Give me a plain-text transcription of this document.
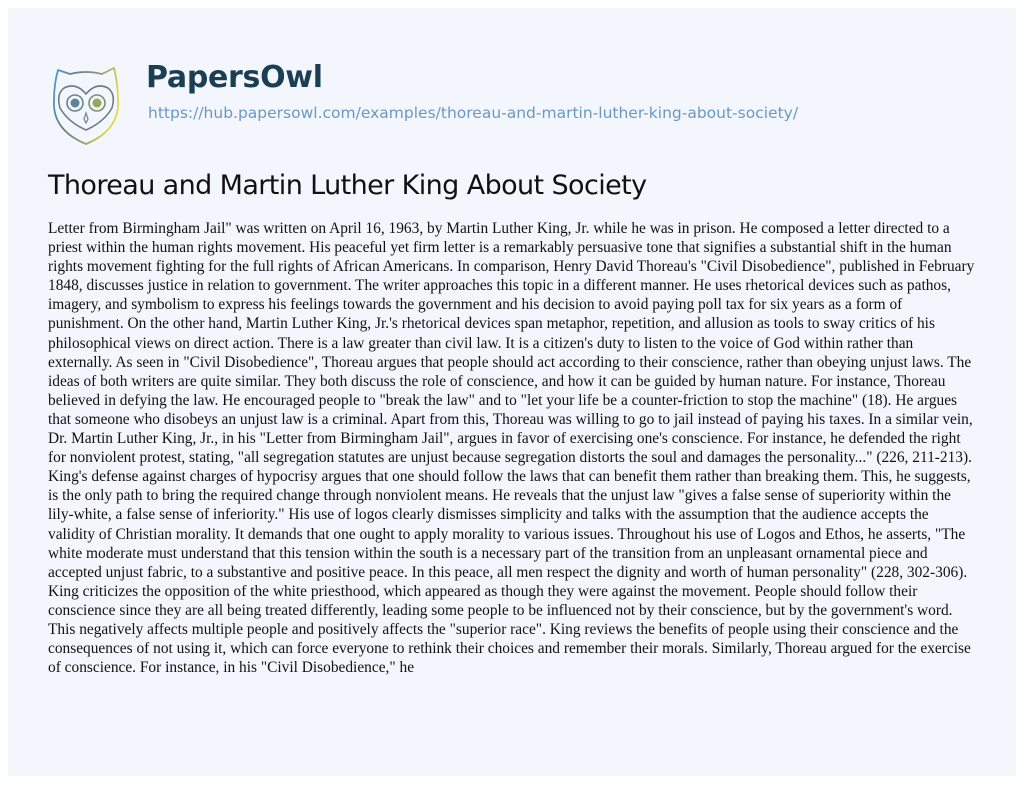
PapersOwl
https://hub.papersowl.com/examples/thoreau-and-martin-luther-king-about-society/
Thoreau and Martin Luther King About Society

Letter from Birmingham Jail" was written on April 16, 1963, by Martin Luther King, Jr. while he was in prison. He composed a letter directed to a priest within the human rights movement. His peaceful yet firm letter is a remarkably persuasive tone that signifies a substantial shift in the human rights movement fighting for the full rights of African Americans. In comparison, Henry David Thoreau's "Civil Disobedience", published in February 1848, discusses justice in relation to government. The writer approaches this topic in a different manner. He uses rhetorical devices such as pathos, imagery, and symbolism to express his feelings towards the government and his decision to avoid paying poll tax for six years as a form of punishment. On the other hand, Martin Luther King, Jr.'s rhetorical devices span metaphor, repetition, and allusion as tools to sway critics of his philosophical views on direct action. There is a law greater than civil law. It is a citizen's duty to listen to the voice of God within rather than externally. As seen in "Civil Disobedience", Thoreau argues that people should act according to their conscience, rather than obeying unjust laws. The ideas of both writers are quite similar. They both discuss the role of conscience, and how it can be guided by human nature. For instance, Thoreau believed in defying the law. He encouraged people to "break the law" and to "let your life be a counter-friction to stop the machine" (18). He argues that someone who disobeys an unjust law is a criminal. Apart from this, Thoreau was willing to go to jail instead of paying his taxes. In a similar vein, Dr. Martin Luther King, Jr., in his "Letter from Birmingham Jail", argues in favor of exercising one's conscience. For instance, he defended the right for nonviolent protest, stating, "all segregation statutes are unjust because segregation distorts the soul and damages the personality..." (226, 211-213). King's defense against charges of hypocrisy argues that one should follow the laws that can benefit them rather than breaking them. This, he suggests, is the only path to bring the required change through nonviolent means. He reveals that the unjust law "gives a false sense of superiority within the lily-white, a false sense of inferiority." His use of logos clearly dismisses simplicity and talks with the assumption that the audience accepts the validity of Christian morality. It demands that one ought to apply morality to various issues. Throughout his use of Logos and Ethos, he asserts, "The white moderate must understand that this tension within the south is a necessary part of the transition from an unpleasant ornamental piece and accepted unjust fabric, to a substantive and positive peace. In this peace, all men respect the dignity and worth of human personality" (228, 302-306). King criticizes the opposition of the white priesthood, which appeared as though they were against the movement. People should follow their conscience since they are all being treated differently, leading some people to be influenced not by their conscience, but by the government's word. This negatively affects multiple people and positively affects the "superior race". King reviews the benefits of people using their conscience and the consequences of not using it, which can force everyone to rethink their choices and remember their morals. Similarly, Thoreau argued for the exercise of conscience. For instance, in his "Civil Disobedience," he
